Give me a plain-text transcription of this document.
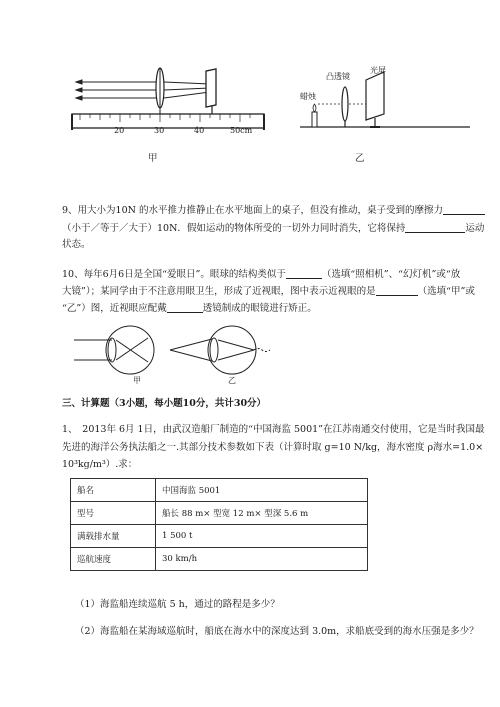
20	30	40	50cm
蜡烛
凸透镜
光屏
甲	乙
9、用大小为10N 的水平推力推静止在水平地面上的桌子，但没有推动，桌子受到的摩擦力
（小于／等于／大于）10N．假如运动的物体所受的一切外力同时消失，它将保持	运动
状态。
10、每年6月6日是全国“爱眼日”。眼球的结构类似于	（选填“照相机”、“幻灯机”或“放
大镜”）；某同学由于不注意用眼卫生，形成了近视眼，图中表示近视眼的是	（选填“甲”或
“乙”）图，近视眼应配戴	透镜制成的眼镜进行矫正。
甲	乙
三、计算题（3小题，每小题10分，共计30分）
1、　2013年 6月 1日，由武汉造船厂制造的“中国海监 5001”在江苏南通交付使用，它是当时我国最
先进的海洋公务执法船之一.其部分技术参数如下表（计算时取 g=10 N/kg，海水密度 ρ海水=1.0×
10³kg/m³）.求：
船名	中国海监 5001
型号	船长 88 m× 型宽 12 m× 型深 5.6 m
满载排水量	1 500 t
巡航速度	30 km/h
（1）海监船连续巡航 5 h，通过的路程是多少？
（2）海监船在某海域巡航时，船底在海水中的深度达到 3.0m，求船底受到的海水压强是多少？
